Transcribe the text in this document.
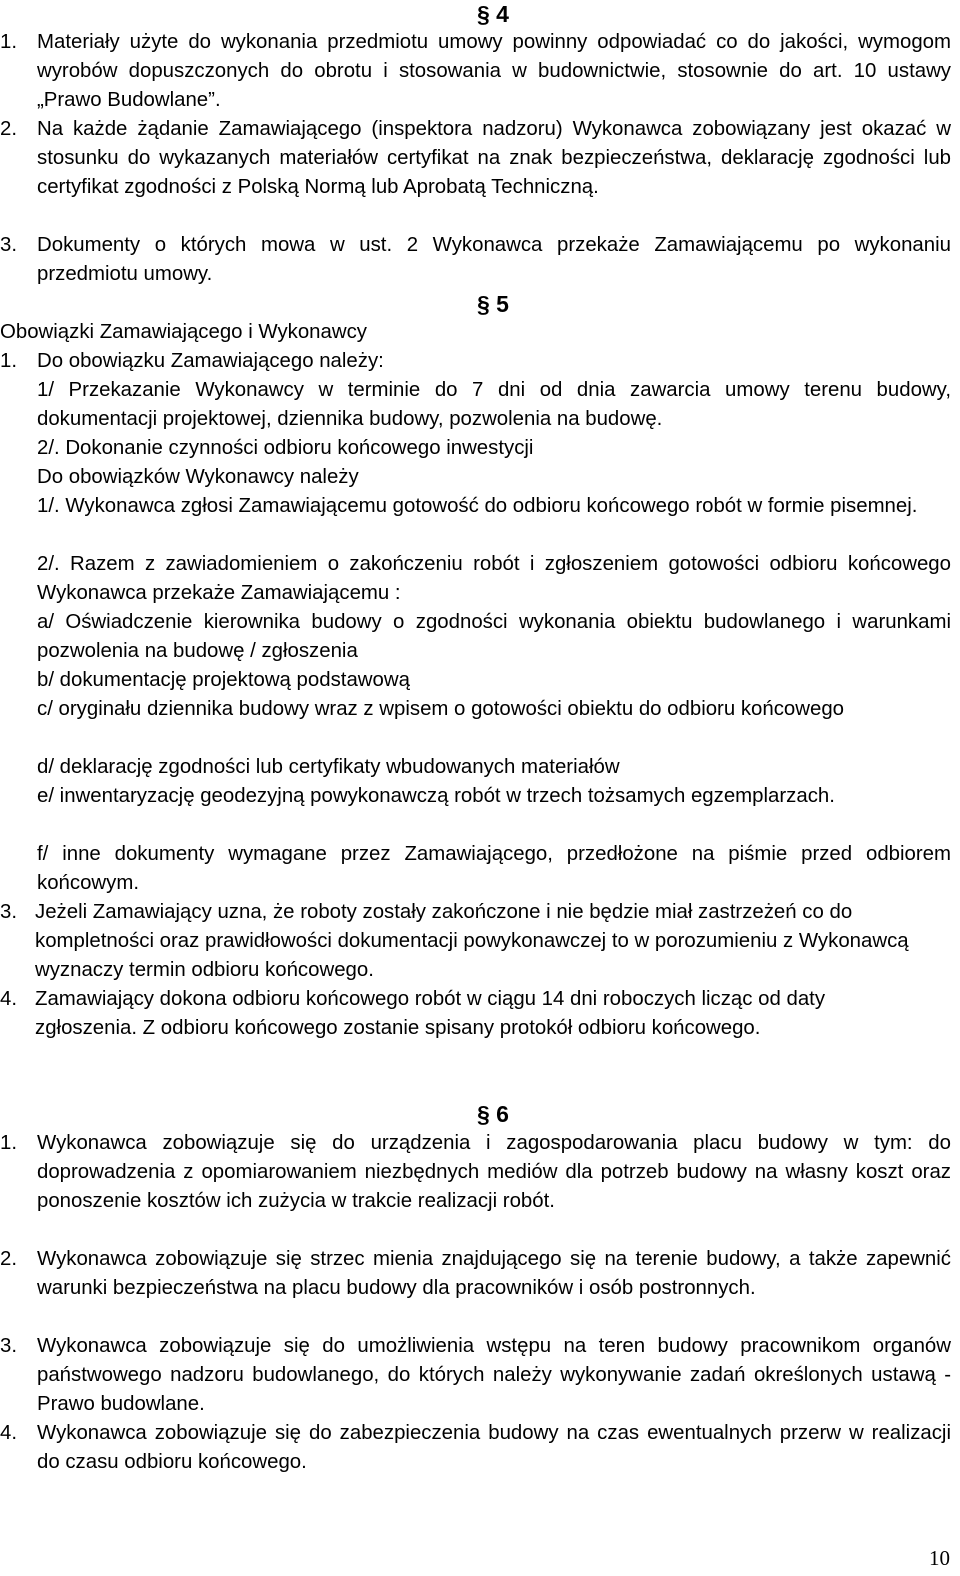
§ 4
1. Materiały użyte do wykonania przedmiotu umowy powinny odpowiadać co do jakości, wymogom wyrobów dopuszczonych do obrotu i stosowania w budownictwie, stosownie do art. 10 ustawy „Prawo Budowlane”.
2. Na każde żądanie Zamawiającego (inspektora nadzoru) Wykonawca zobowiązany jest okazać w stosunku do wykazanych materiałów certyfikat na znak bezpieczeństwa, deklarację zgodności lub certyfikat zgodności z Polską Normą lub Aprobatą Techniczną.
3. Dokumenty o których mowa w ust. 2 Wykonawca przekaże Zamawiającemu po wykonaniu przedmiotu umowy.
§ 5
Obowiązki Zamawiającego i Wykonawcy
1. Do obowiązku Zamawiającego należy:
1/ Przekazanie Wykonawcy w terminie do 7 dni od dnia zawarcia umowy terenu budowy, dokumentacji projektowej, dziennika budowy, pozwolenia na budowę.
2/. Dokonanie czynności odbioru końcowego inwestycji
Do obowiązków Wykonawcy należy
1/. Wykonawca zgłosi Zamawiającemu gotowość do odbioru końcowego robót w formie pisemnej.
2/. Razem z zawiadomieniem o zakończeniu robót i zgłoszeniem gotowości odbioru końcowego Wykonawca przekaże Zamawiającemu :
a/ Oświadczenie kierownika budowy o zgodności wykonania obiektu budowlanego i warunkami pozwolenia na budowę / zgłoszenia
b/ dokumentację projektową podstawową
c/ oryginału dziennika budowy wraz z wpisem o gotowości obiektu do odbioru końcowego
d/ deklarację zgodności lub certyfikaty wbudowanych materiałów
e/ inwentaryzację geodezyjną powykonawczą robót w trzech tożsamych egzemplarzach.
f/ inne dokumenty wymagane przez Zamawiającego, przedłożone na piśmie przed odbiorem końcowym.
3. Jeżeli Zamawiający uzna, że roboty zostały zakończone i nie będzie miał zastrzeżeń co do kompletności oraz prawidłowości dokumentacji powykonawczej to w porozumieniu z Wykonawcą wyznaczy termin odbioru końcowego.
4. Zamawiający dokona odbioru końcowego robót w ciągu 14 dni roboczych licząc od daty zgłoszenia. Z odbioru końcowego zostanie spisany protokół odbioru końcowego.
§ 6
1. Wykonawca zobowiązuje się do urządzenia i zagospodarowania placu budowy w tym: do doprowadzenia z opomiarowaniem niezbędnych mediów dla potrzeb budowy na własny koszt oraz ponoszenie kosztów ich zużycia w trakcie realizacji robót.
2. Wykonawca zobowiązuje się strzec mienia znajdującego się na terenie budowy, a także zapewnić warunki bezpieczeństwa na placu budowy dla pracowników i osób postronnych.
3. Wykonawca zobowiązuje się do umożliwienia wstępu na teren budowy pracownikom organów państwowego nadzoru budowlanego, do których należy wykonywanie zadań określonych ustawą - Prawo budowlane.
4. Wykonawca zobowiązuje się do zabezpieczenia budowy na czas ewentualnych przerw w realizacji do czasu odbioru końcowego.
10
